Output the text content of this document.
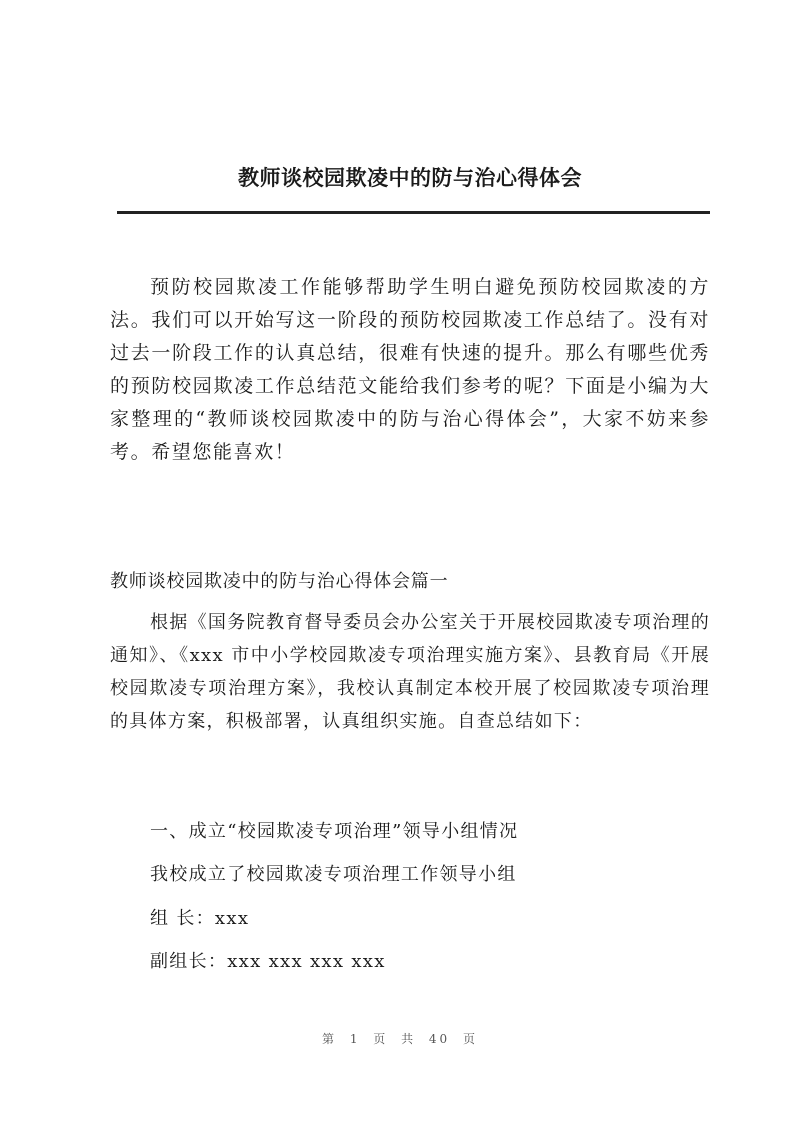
教师谈校园欺凌中的防与治心得体会

预防校园欺凌工作能够帮助学生明白避免预防校园欺凌的方法。我们可以开始写这一阶段的预防校园欺凌工作总结了。没有对过去一阶段工作的认真总结，很难有快速的提升。那么有哪些优秀的预防校园欺凌工作总结范文能给我们参考的呢？下面是小编为大家整理的“教师谈校园欺凌中的防与治心得体会”，大家不妨来参考。希望您能喜欢！

教师谈校园欺凌中的防与治心得体会篇一

根据《国务院教育督导委员会办公室关于开展校园欺凌专项治理的通知》、《xxx 市中小学校园欺凌专项治理实施方案》、县教育局《开展校园欺凌专项治理方案》，我校认真制定本校开展了校园欺凌专项治理的具体方案，积极部署，认真组织实施。自查总结如下：

一、成立“校园欺凌专项治理”领导小组情况

我校成立了校园欺凌专项治理工作领导小组

组 长：xxx

副组长：xxx xxx xxx xxx

第 1 页 共 40 页
